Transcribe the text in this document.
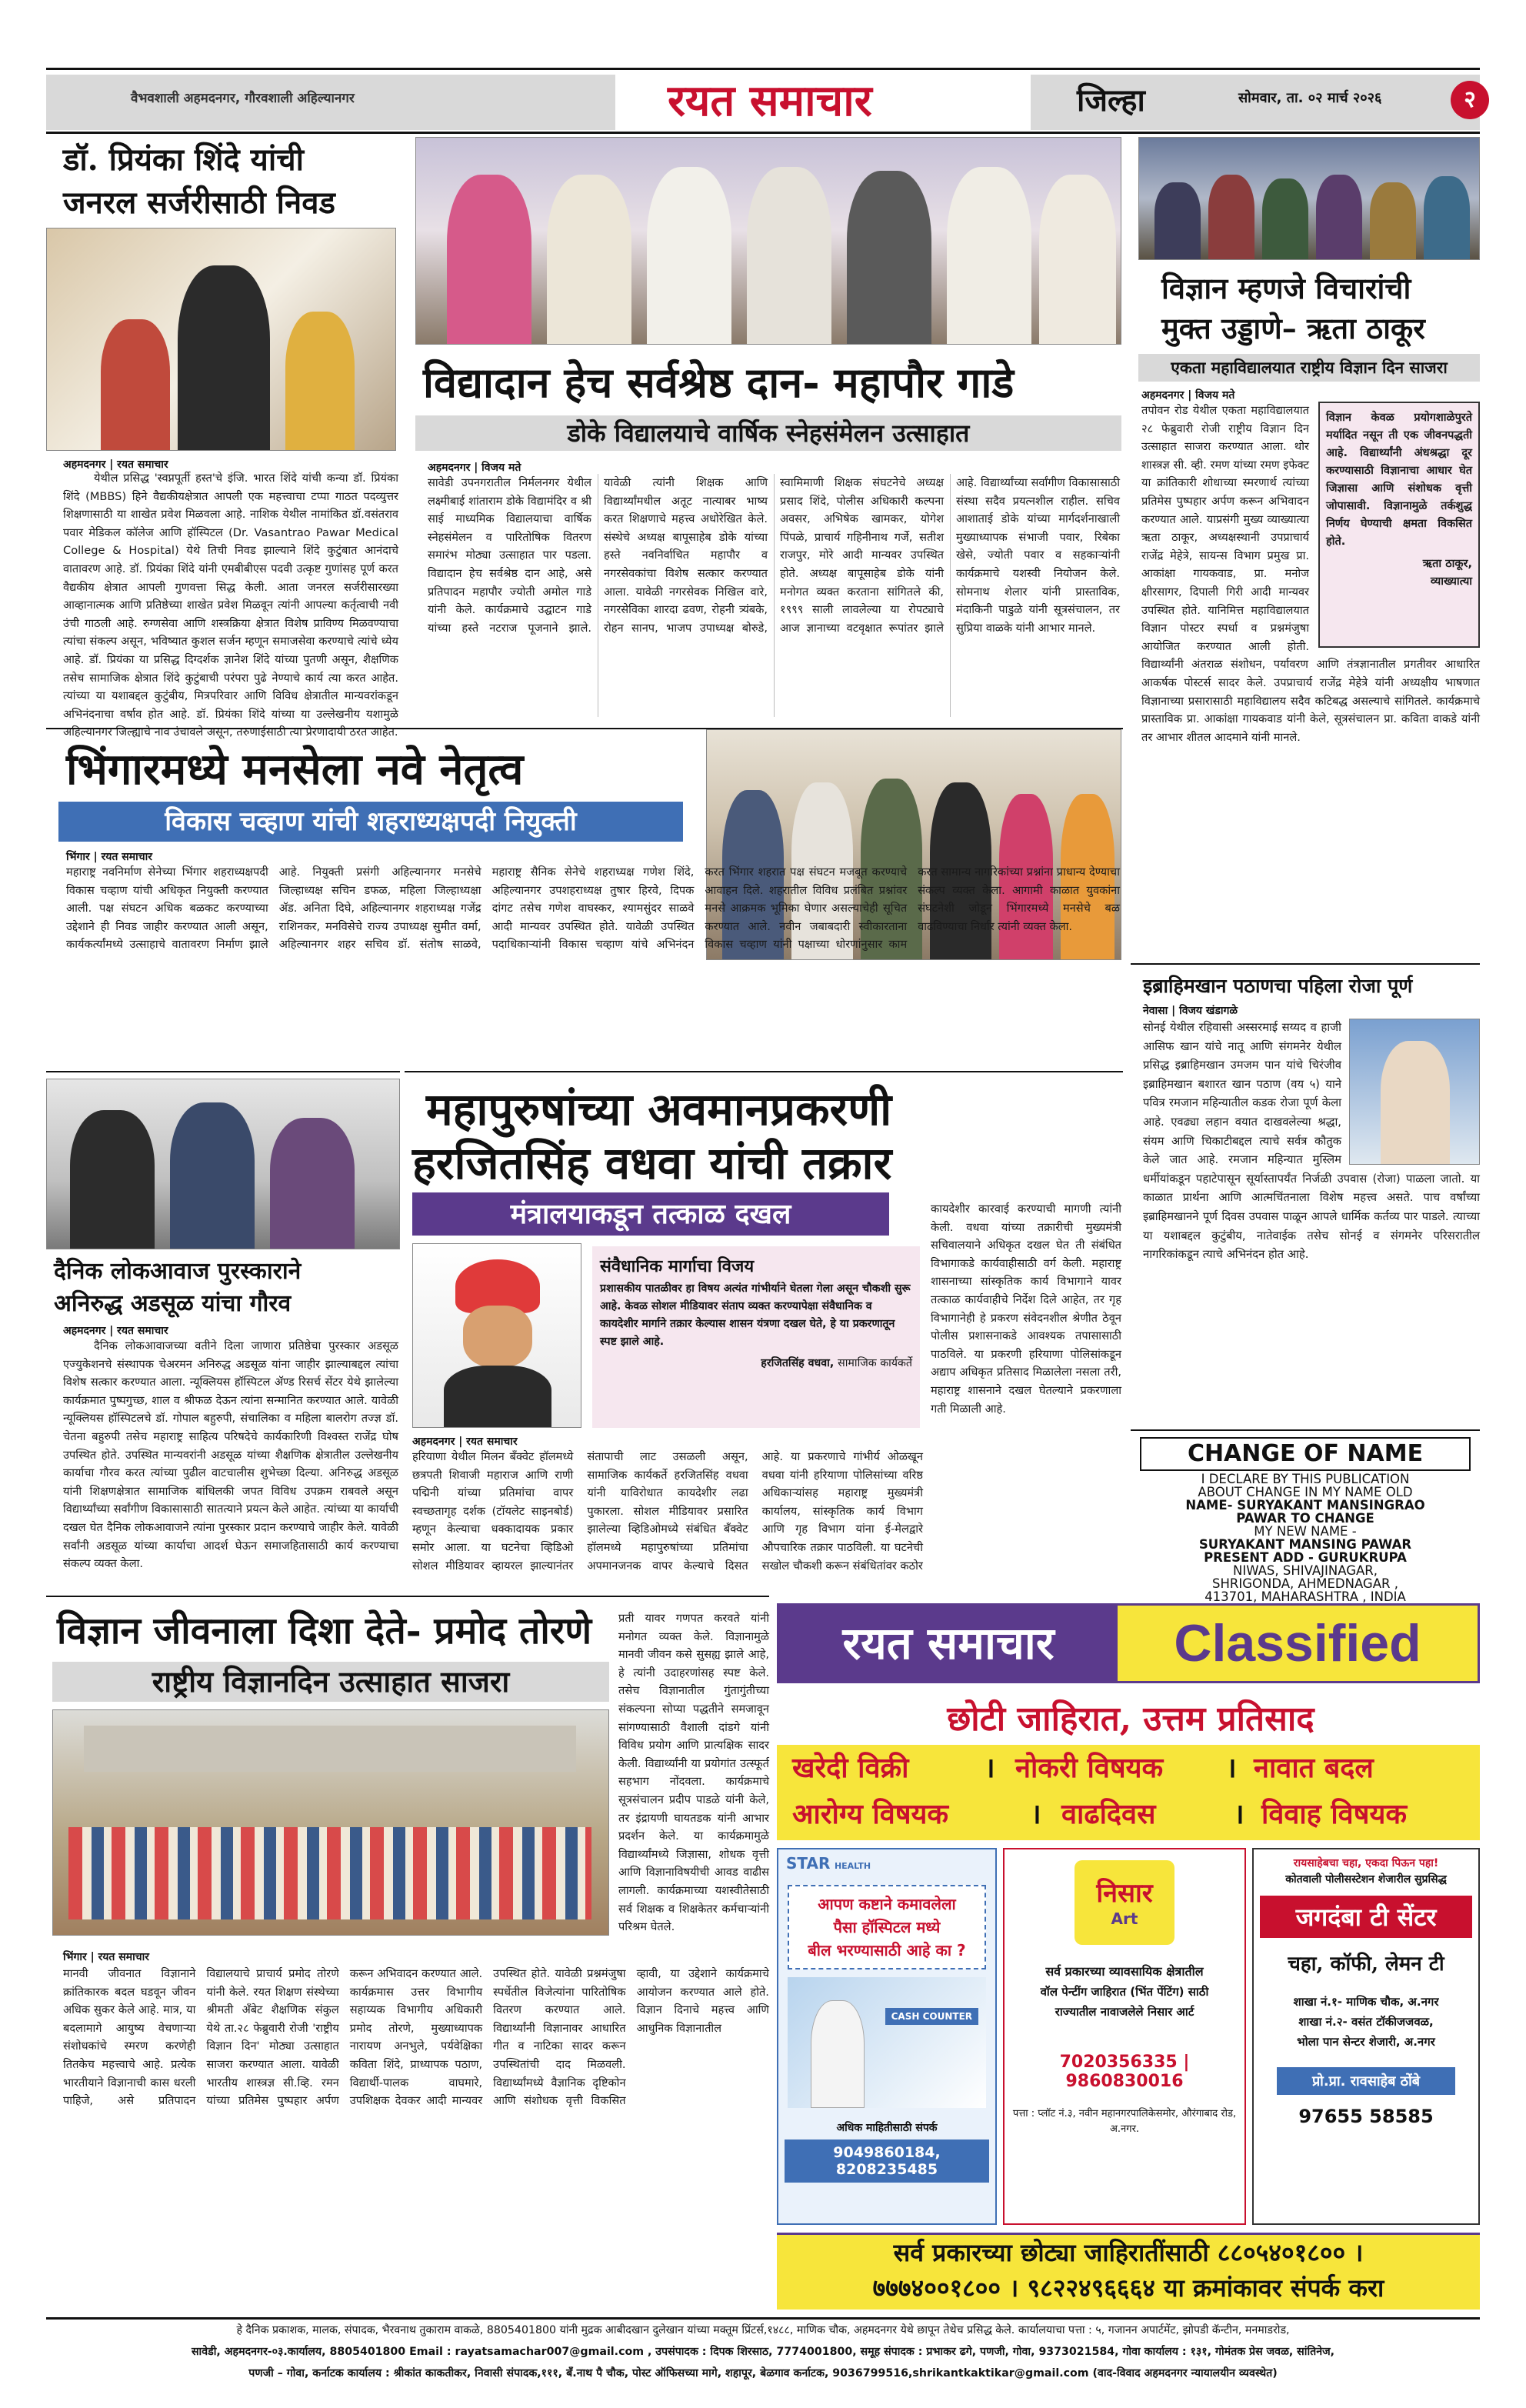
वैभवशाली अहमदनगर, गौरवशाली अहिल्यानगर	रयत समाचार	जिल्हा	सोमवार, ता. ०२ मार्च २०२६	२
डॉ. प्रियंका शिंदे यांची
जनरल सर्जरीसाठी निवड
अहमदनगर | रयत समाचार
येथील प्रसिद्ध 'स्वप्नपूर्ती हस्त'चे इंजि. भारत शिंदे यांची कन्या डॉ. प्रियंका शिंदे (MBBS) हिने वैद्यकीयक्षेत्रात आपली एक महत्त्वाचा टप्पा गाठत पदव्युत्तर शिक्षणासाठी या शाखेत प्रवेश मिळवला आहे. नाशिक येथील नामांकित डॉ.वसंतराव पवार मेडिकल कॉलेज आणि हॉस्पिटल (Dr. Vasantrao Pawar Medical College & Hospital) येथे तिची निवड झाल्याने शिंदे कुटुंबात आनंदाचे वातावरण आहे. डॉ. प्रियंका शिंदे यांनी एमबीबीएस पदवी उत्कृष्ट गुणांसह पूर्ण करत वैद्यकीय क्षेत्रात आपली गुणवत्ता सिद्ध केली. आता जनरल सर्जरीसारख्या आव्हानात्मक आणि प्रतिष्ठेच्या शाखेत प्रवेश मिळवून त्यांनी आपल्या कर्तृत्वाची नवी उंची गाठली आहे. रुग्णसेवा आणि शस्त्रक्रिया क्षेत्रात विशेष प्राविण्य मिळवण्याचा त्यांचा संकल्प असून, भविष्यात कुशल सर्जन म्हणून समाजसेवा करण्याचे त्यांचे ध्येय आहे. डॉ. प्रियंका या प्रसिद्ध दिग्दर्शक ज्ञानेश शिंदे यांच्या पुतणी असून, शैक्षणिक तसेच सामाजिक क्षेत्रात शिंदे कुटुंबाची परंपरा पुढे नेण्याचे कार्य त्या करत आहेत. त्यांच्या या यशाबद्दल कुटुंबीय, मित्रपरिवार आणि विविध क्षेत्रातील मान्यवरांकडून अभिनंदनाचा वर्षाव होत आहे. डॉ. प्रियंका शिंदे यांच्या या उल्लेखनीय यशामुळे अहिल्यानगर जिल्ह्याचे नाव उंचावले असून, तरुणाईसाठी त्या प्रेरणादायी ठरत आहेत.
विद्यादान हेच सर्वश्रेष्ठ दान- महापौर गाडे
डोके विद्यालयाचे वार्षिक स्नेहसंमेलन उत्साहात
अहमदनगर | विजय मते
सावेडी उपनगरातील निर्मलनगर येथील लक्ष्मीबाई शांताराम डोके विद्यामंदिर व श्री साई माध्यमिक विद्यालयाचा वार्षिक स्नेहसंमेलन व पारितोषिक वितरण समारंभ मोठ्या उत्साहात पार पडला. विद्यादान हेच सर्वश्रेष्ठ दान आहे, असे प्रतिपादन महापौर ज्योती अमोल गाडे यांनी केले. कार्यक्रमाचे उद्घाटन गाडे यांच्या हस्ते नटराज पूजनाने झाले. यावेळी त्यांनी शिक्षक आणि विद्यार्थ्यांमधील अतूट नात्याबर भाष्य करत शिक्षणाचे महत्त्व अधोरेखित केले. संस्थेचे अध्यक्ष बापूसाहेब डोके यांच्या हस्ते नवनिर्वाचित महापौर व नगरसेवकांचा विशेष सत्कार करण्यात आला. यावेळी नगरसेवक निखिल वारे, नगरसेविका शारदा ढवण, रोहनी त्र्यंबके, रोहन सानप, भाजप उपाध्यक्ष बोरुडे, स्वामिमाणी शिक्षक संघटनेचे अध्यक्ष प्रसाद शिंदे, पोलीस अधिकारी कल्पना अवसर, अभिषेक खामकर, योगेश पिंपळे, प्राचार्य गहिनीनाथ गर्जे, सतीश राजपुर, मोरे आदी मान्यवर उपस्थित होते. अध्यक्ष बापूसाहेब डोके यांनी मनोगत व्यक्त करताना सांगितले की, १९९९ साली लावलेल्या या रोपट्याचे आज ज्ञानाच्या वटवृक्षात रूपांतर झाले आहे. विद्यार्थ्यांच्या सर्वांगीण विकासासाठी संस्था सदैव प्रयत्नशील राहील. सचिव आशाताई डोके यांच्या मार्गदर्शनाखाली मुख्याध्यापक संभाजी पवार, रिबेका खेसे, ज्योती पवार व सहकाऱ्यांनी कार्यक्रमाचे यशस्वी नियोजन केले. सोमनाथ शेलार यांनी प्रास्ताविक, मंदाकिनी पाडुळे यांनी सूत्रसंचालन, तर सुप्रिया वाळके यांनी आभार मानले.
विज्ञान म्हणजे विचारांची
मुक्त उड्डाणे– ऋता ठाकूर
एकता महाविद्यालयात राष्ट्रीय विज्ञान दिन साजरा
अहमदनगर | विजय मते
विज्ञान केवळ प्रयोगशाळेपुरते मर्यादित नसून ती एक जीवनपद्धती आहे. विद्यार्थ्यांनी अंधश्रद्धा दूर करण्यासाठी विज्ञानाचा आधार घेत जिज्ञासा आणि संशोधक वृत्ती जोपासावी. विज्ञानामुळे तर्कशुद्ध निर्णय घेण्याची क्षमता विकसित होते.
ऋता ठाकूर,
व्याख्यात्या
तपोवन रोड येथील एकता महाविद्यालयात २८ फेब्रुवारी रोजी राष्ट्रीय विज्ञान दिन उत्साहात साजरा करण्यात आला. थोर शास्त्रज्ञ सी. व्ही. रमण यांच्या रमण इफेक्ट या क्रांतिकारी शोधाच्या स्मरणार्थ त्यांच्या प्रतिमेस पुष्पहार अर्पण करून अभिवादन करण्यात आले. याप्रसंगी मुख्य व्याख्यात्या ऋता ठाकूर, अध्यक्षस्थानी उपप्राचार्य राजेंद्र मेहेत्रे, सायन्स विभाग प्रमुख प्रा. आकांक्षा गायकवाड, प्रा. मनोज क्षीरसागर, दिपाली गिरी आदी मान्यवर उपस्थित होते. यानिमित्त महाविद्यालयात विज्ञान पोस्टर स्पर्धा व प्रश्नमंजुषा आयोजित करण्यात आली होती. विद्यार्थ्यांनी अंतराळ संशोधन, पर्यावरण आणि तंत्रज्ञानातील प्रगतीवर आधारित आकर्षक पोस्टर्स सादर केले. उपप्राचार्य राजेंद्र मेहेत्रे यांनी अध्यक्षीय भाषणात विज्ञानाच्या प्रसारासाठी महाविद्यालय सदैव कटिबद्ध असल्याचे सांगितले. कार्यक्रमाचे प्रास्ताविक प्रा. आकांक्षा गायकवाड यांनी केले, सूत्रसंचालन प्रा. कविता वाकडे यांनी तर आभार शीतल आदमाने यांनी मानले.
भिंगारमध्ये मनसेला नवे नेतृत्व
विकास चव्हाण यांची शहराध्यक्षपदी नियुक्ती
भिंगार | रयत समाचार
महाराष्ट्र नवनिर्माण सेनेच्या भिंगार शहराध्यक्षपदी विकास चव्हाण यांची अधिकृत नियुक्ती करण्यात आली. पक्ष संघटन अधिक बळकट करण्याच्या उद्देशाने ही निवड जाहीर करण्यात आली असून, कार्यकर्त्यांमध्ये उत्साहाचे वातावरण निर्माण झाले आहे. नियुक्ती प्रसंगी अहिल्यानगर मनसेचे जिल्हाध्यक्ष सचिन डफळ, महिला जिल्हाध्यक्षा ॲड. अनिता दिघे, अहिल्यानगर शहराध्यक्ष गजेंद्र राशिनकर, मनविसेचे राज्य उपाध्यक्ष सुमीत वर्मा, अहिल्यानगर शहर सचिव डॉ. संतोष साळवे, महाराष्ट्र सैनिक सेनेचे शहराध्यक्ष गणेश शिंदे, अहिल्यानगर उपशहराध्यक्ष तुषार हिरवे, दिपक दांगट तसेच गणेश वाघस्कर, श्यामसुंदर साळवे आदी मान्यवर उपस्थित होते. यावेळी उपस्थित पदाधिकाऱ्यांनी विकास चव्हाण यांचे अभिनंदन करत भिंगार शहरात पक्ष संघटन मजबूत करण्याचे आवाहन दिले. शहरातील विविध प्रलंबित प्रश्नांवर मनसे आक्रमक भूमिका घेणार असल्याचेही सूचित करण्यात आले. नवीन जबाबदारी स्वीकारताना विकास चव्हाण यांनी पक्षाच्या धोरणांनुसार काम करत सामान्य नागरिकांच्या प्रश्नांना प्राधान्य देण्याचा संकल्प व्यक्त केला. आगामी काळात युवकांना संघटनेशी जोडून भिंगारमध्ये मनसेचे बळ वाढविण्याचा निर्धार त्यांनी व्यक्त केला.
इब्राहिमखान पठाणचा पहिला रोजा पूर्ण
नेवासा | विजय खंडागळे
सोनई येथील रहिवासी अस्सरमाई सय्यद व हाजी आसिफ खान यांचे नातू आणि संगमनेर येथील प्रसिद्ध इब्राहिमखान उमजम पान यांचे चिरंजीव इब्राहिमखान बशारत खान पठाण (वय ५) याने पवित्र रमजान महिन्यातील कडक रोजा पूर्ण केला आहे. एवढ्या लहान वयात दाखवलेल्या श्रद्धा, संयम आणि चिकाटीबद्दल त्याचे सर्वत्र कौतुक केले जात आहे. रमजान महिन्यात मुस्लिम धर्मीयांकडून पहाटेपासून सूर्यास्तापर्यंत निर्जळी उपवास (रोजा) पाळला जातो. या काळात प्रार्थना आणि आत्मचिंतनाला विशेष महत्त्व असते. पाच वर्षांच्या इब्राहिमखानने पूर्ण दिवस उपवास पाळून आपले धार्मिक कर्तव्य पार पाडले. त्याच्या या यशाबद्दल कुटुंबीय, नातेवाईक तसेच सोनई व संगमनेर परिसरातील नागरिकांकडून त्याचे अभिनंदन होत आहे.
दैनिक लोकआवाज पुरस्काराने
अनिरुद्ध अडसूळ यांचा गौरव
अहमदनगर | रयत समाचार
दैनिक लोकआवाजच्या वतीने दिला जाणारा प्रतिष्ठेचा पुरस्कार अडसूळ एज्युकेशनचे संस्थापक चेअरमन अनिरुद्ध अडसूळ यांना जाहीर झाल्याबद्दल त्यांचा विशेष सत्कार करण्यात आला. न्यूक्लियस हॉस्पिटल ॲण्ड रिसर्च सेंटर येथे झालेल्या कार्यक्रमात पुष्पगुच्छ, शाल व श्रीफळ देऊन त्यांना सन्मानित करण्यात आले. यावेळी न्यूक्लियस हॉस्पिटलचे डॉ. गोपाल बहुरुपी, संचालिका व महिला बालरोग तज्ज्ञ डॉ. चेतना बहुरुपी तसेच महाराष्ट्र साहित्य परिषदेचे कार्यकारिणी विश्वस्त राजेंद्र घोष उपस्थित होते. उपस्थित मान्यवरांनी अडसूळ यांच्या शैक्षणिक क्षेत्रातील उल्लेखनीय कार्याचा गौरव करत त्यांच्या पुढील वाटचालीस शुभेच्छा दिल्या. अनिरुद्ध अडसूळ यांनी शिक्षणक्षेत्रात सामाजिक बांधिलकी जपत विविध उपक्रम राबवले असून विद्यार्थ्यांच्या सर्वांगीण विकासासाठी सातत्याने प्रयत्न केले आहेत. त्यांच्या या कार्याची दखल घेत दैनिक लोकआवाजने त्यांना पुरस्कार प्रदान करण्याचे जाहीर केले. यावेळी सर्वांनी अडसूळ यांच्या कार्याचा आदर्श घेऊन समाजहितासाठी कार्य करण्याचा संकल्प व्यक्त केला.
महापुरुषांच्या अवमानप्रकरणी
हरजितसिंह वधवा यांची तक्रार
मंत्रालयाकडून तत्काळ दखल
संवैधानिक मार्गाचा विजय
प्रशासकीय पातळीवर हा विषय अत्यंत गांभीर्याने घेतला गेला असून चौकशी सुरू आहे. केवळ सोशल मीडियावर संताप व्यक्त करण्यापेक्षा संवैधानिक व कायदेशीर मार्गाने तक्रार केल्यास शासन यंत्रणा दखल घेते, हे या प्रकरणातून स्पष्ट झाले आहे.
हरजितसिंह वधवा, सामाजिक कार्यकर्ते
कायदेशीर कारवाई करण्याची मागणी त्यांनी केली. वधवा यांच्या तक्रारीची मुख्यमंत्री सचिवालयाने अधिकृत दखल घेत ती संबंधित विभागाकडे कार्यवाहीसाठी वर्ग केली. महाराष्ट्र शासनाच्या सांस्कृतिक कार्य विभागाने यावर तत्काळ कार्यवाहीचे निर्देश दिले आहेत, तर गृह विभागानेही हे प्रकरण संवेदनशील श्रेणीत ठेवून पोलीस प्रशासनाकडे आवश्यक तपासासाठी पाठविले. या प्रकरणी हरियाणा पोलिसांकडून अद्याप अधिकृत प्रतिसाद मिळालेला नसला तरी, महाराष्ट्र शासनाने दखल घेतल्याने प्रकरणाला गती मिळाली आहे.
अहमदनगर | रयत समाचार
हरियाणा येथील मिलन बँक्वेट हॉलमध्ये छत्रपती शिवाजी महाराज आणि राणी पद्मिनी यांच्या प्रतिमांचा वापर स्वच्छतागृह दर्शक (टॉयलेट साइनबोर्ड) म्हणून केल्याचा धक्कादायक प्रकार समोर आला. या घटनेचा व्हिडिओ सोशल मीडियावर व्हायरल झाल्यानंतर संतापाची लाट उसळली असून, सामाजिक कार्यकर्ते हरजितसिंह वधवा यांनी याविरोधात कायदेशीर लढा पुकारला. सोशल मीडियावर प्रसारित झालेल्या व्हिडिओमध्ये संबंधित बँक्वेट हॉलमध्ये महापुरुषांच्या प्रतिमांचा अपमानजनक वापर केल्याचे दिसत आहे. या प्रकरणाचे गांभीर्य ओळखून वधवा यांनी हरियाणा पोलिसांच्या वरिष्ठ अधिकाऱ्यांसह महाराष्ट्र मुख्यमंत्री कार्यालय, सांस्कृतिक कार्य विभाग आणि गृह विभाग यांना ई-मेलद्वारे औपचारिक तक्रार पाठविली. या घटनेची सखोल चौकशी करून संबंधितांवर कठोर
CHANGE OF NAME
I DECLARE BY THIS PUBLICATION
ABOUT CHANGE IN MY NAME OLD
NAME- SURYAKANT MANSINGRAO
PAWAR TO CHANGE
MY NEW NAME -
SURYAKANT MANSING PAWAR
PRESENT ADD - GURUKRUPA
NIWAS, SHIVAJINAGAR,
SHRIGONDA, AHMEDNAGAR ,
413701, MAHARASHTRA , INDIA
विज्ञान जीवनाला दिशा देते- प्रमोद तोरणे
राष्ट्रीय विज्ञानदिन उत्साहात साजरा
प्रती यावर गणपत करवते यांनी मनोगत व्यक्त केले. विज्ञानामुळे मानवी जीवन कसे सुसह्य झाले आहे, हे त्यांनी उदाहरणांसह स्पष्ट केले. तसेच विज्ञानातील गुंतागुंतीच्या संकल्पना सोप्या पद्धतीने समजावून सांगण्यासाठी वैशाली दांडगे यांनी विविध प्रयोग आणि प्रात्यक्षिक सादर केली. विद्यार्थ्यांनी या प्रयोगांत उत्स्फूर्त सहभाग नोंदवला. कार्यक्रमाचे सूत्रसंचालन प्रदीप पाडळे यांनी केले, तर इंद्रायणी घायतडक यांनी आभार प्रदर्शन केले. या कार्यक्रमामुळे विद्यार्थ्यांमध्ये जिज्ञासा, शोधक वृत्ती आणि विज्ञानाविषयीची आवड वाढीस लागली. कार्यक्रमाच्या यशस्वीतेसाठी सर्व शिक्षक व शिक्षकेतर कर्मचाऱ्यांनी परिश्रम घेतले.
भिंगार | रयत समाचार
मानवी जीवनात विज्ञानाने क्रांतिकारक बदल घडवून जीवन अधिक सुकर केले आहे. मात्र, या बदलामागे आयुष्य वेचणाऱ्या संशोधकांचे स्मरण करणेही तितकेच महत्त्वाचे आहे. प्रत्येक भारतीयाने विज्ञानाची कास धरली पाहिजे, असे प्रतिपादन विद्यालयाचे प्राचार्य प्रमोद तोरणे यांनी केले. रयत शिक्षण संस्थेच्या श्रीमती अँबेट शैक्षणिक संकुल येथे ता.२८ फेब्रुवारी रोजी 'राष्ट्रीय विज्ञान दिन' मोठ्या उत्साहात साजरा करण्यात आला. यावेळी भारतीय शास्त्रज्ञ सी.व्हि. रमन यांच्या प्रतिमेस पुष्पहार अर्पण करून अभिवादन करण्यात आले. कार्यक्रमास उत्तर विभागीय सहाय्यक विभागीय अधिकारी प्रमोद तोरणे, मुख्याध्यापक नारायण अनभुले, पर्यवेक्षिका कविता शिंदे, प्राध्यापक पठाण, विद्यार्थी-पालक वाघमारे, उपशिक्षक देवकर आदी मान्यवर उपस्थित होते. यावेळी प्रश्नमंजुषा स्पर्धेतील विजेत्यांना पारितोषिक वितरण करण्यात आले. विद्यार्थ्यांनी विज्ञानावर आधारित गीत व नाटिका सादर करून उपस्थितांची दाद मिळवली. विद्यार्थ्यांमध्ये वैज्ञानिक दृष्टिकोन आणि संशोधक वृत्ती विकसित व्हावी, या उद्देशाने कार्यक्रमाचे आयोजन करण्यात आले होते. विज्ञान दिनाचे महत्त्व आणि आधुनिक विज्ञानातील
रयत समाचार	Classified
छोटी जाहिरात, उत्तम प्रतिसाद
खरेदी विक्री	। नोकरी विषयक । नावात बदल
आरोग्य विषयक	। वाढदिवस	। विवाह विषयक
STAR HEALTH
आपण कष्टाने कमावलेला
पैसा हॉस्पिटल मध्ये
बील भरण्यासाठी आहे का ?
CASH COUNTER
अधिक माहितीसाठी संपर्क
9049860184, 8208235485
निसार
Art
सर्व प्रकारच्या व्यावसायिक क्षेत्रातील
वॉल पेन्टींग जाहिरात (भिंत पेंटिंग) साठी
राज्यातील नावाजलेले निसार आर्ट
7020356335 | 9860830016
पत्ता : प्लॉट नं.३, नवीन महानगरपालिकेसमोर, औरंगाबाद रोड, अ.नगर.
रायसाहेबचा चहा, एकदा पिऊन पहा!
कोतवाली पोलीसस्टेशन शेजारील सुप्रसिद्ध
जगदंबा टी सेंटर
चहा, कॉफी, लेमन टी
शाखा नं.१- माणिक चौक, अ.नगर
शाखा नं.२- वसंत टॉकीजजवळ,
भोला पान सेन्टर शेजारी, अ.नगर
प्रो.प्रा. रावसाहेब ठोंबे
97655 58585
सर्व प्रकारच्या छोट्या जाहिरातींसाठी ८८०५४०१८०० ।
७७७४००१८०० । ९८२२४९६६६४ या क्रमांकावर संपर्क करा
हे दैनिक प्रकाशक, मालक, संपादक, भैरवनाथ तुकाराम वाकळे, 8805401800 यांनी मुद्रक आबीदखान दुलेखान यांच्या मक्तूम प्रिंटर्स,१४८८, माणिक चौक, अहमदनगर येथे छापून तेथेच प्रसिद्ध केले. कार्यालयाचा पत्ता : ५, गजानन अपार्टमेंट, झोपडी कॅन्टीन, मनमाडरोड,
सावेडी, अहमदनगर-०३.कार्यालय, 8805401800 Email : rayatsamachar007@gmail.com , उपसंपादक : दिपक शिरसाठ, 7774001800, समूह संपादक : प्रभाकर ढगे, पणजी, गोवा, 9373021584, गोवा कार्यालय : १३१, गोमंतक प्रेस जवळ, सांतिनेज,
पणजी – गोवा, कर्नाटक कार्यालय : श्रीकांत काकतीकर, निवासी संपादक,१११, बँ.नाथ पै चौक, पोस्ट ऑफिसच्या मागे, शहापूर, बेळगाव कर्नाटक, 9036799516,shrikantkaktikar@gmail.com (वाद-विवाद अहमदनगर न्यायालयीन व्यवस्थेत)
